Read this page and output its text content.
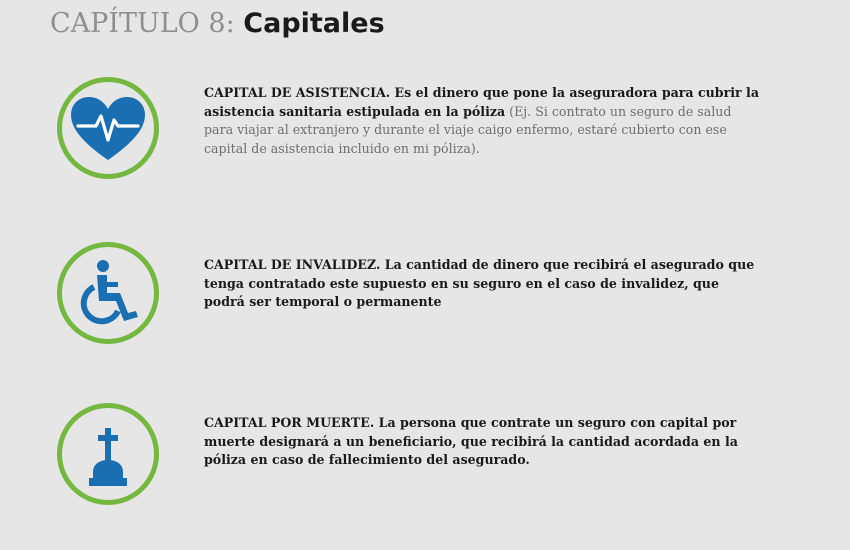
CAPÍTULO 8: Capitales
CAPITAL DE ASISTENCIA. Es el dinero que pone la aseguradora para cubrir la asistencia sanitaria estipulada en la póliza (Ej. Si contrato un seguro de salud para viajar al extranjero y durante el viaje caigo enfermo, estaré cubierto con ese capital de asistencia incluido en mi póliza).
CAPITAL DE INVALIDEZ. La cantidad de dinero que recibirá el asegurado que tenga contratado este supuesto en su seguro en el caso de invalidez, que podrá ser temporal o permanente
CAPITAL POR MUERTE. La persona que contrate un seguro con capital por muerte designará a un beneficiario, que recibirá la cantidad acordada en la póliza en caso de fallecimiento del asegurado.
